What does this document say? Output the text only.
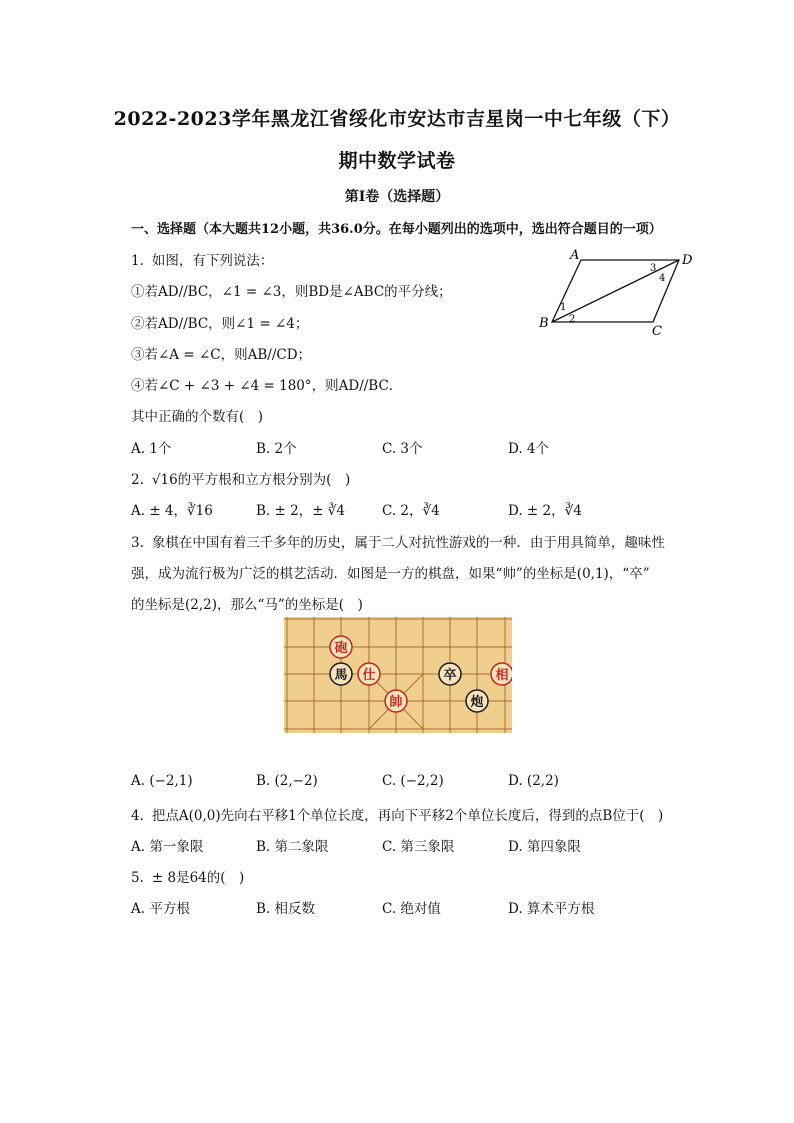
2022-2023学年黑龙江省绥化市安达市吉星岗一中七年级（下）
期中数学试卷
第Ⅰ卷（选择题）
一、选择题（本大题共12小题，共36.0分。在每小题列出的选项中，选出符合题目的一项）
1. 如图，有下列说法：
①若AD//BC，∠1 = ∠3，则BD是∠ABC的平分线；
②若AD//BC，则∠1 = ∠4；
③若∠A = ∠C，则AB//CD；
④若∠C + ∠3 + ∠4 = 180°，则AD//BC．
其中正确的个数有(　)
A	D
B
C
1
2
3
4
A. 1个	B. 2个	C. 3个	D. 4个
2. √16的平方根和立方根分别为(　)
A. ± 4，∛16	B. ± 2，± ∛4	C. 2，∛4	D. ± 2，∛4
3. 象棋在中国有着三千多年的历史，属于二人对抗性游戏的一种．由于用具简单，趣味性
强，成为流行极为广泛的棋艺活动．如图是一方的棋盘，如果“帅”的坐标是(0,1)，“卒”
的坐标是(2,2)，那么“马”的坐标是(　)
砲
馬 仕
帥
卒	相
炮
A. (−2,1)	B. (2,−2)	C. (−2,2)	D. (2,2)
4. 把点A(0,0)先向右平移1个单位长度，再向下平移2个单位长度后，得到的点B位于(　)
A. 第一象限	B. 第二象限	C. 第三象限	D. 第四象限
5. ± 8是64的(　)
A. 平方根	B. 相反数	C. 绝对值	D. 算术平方根
